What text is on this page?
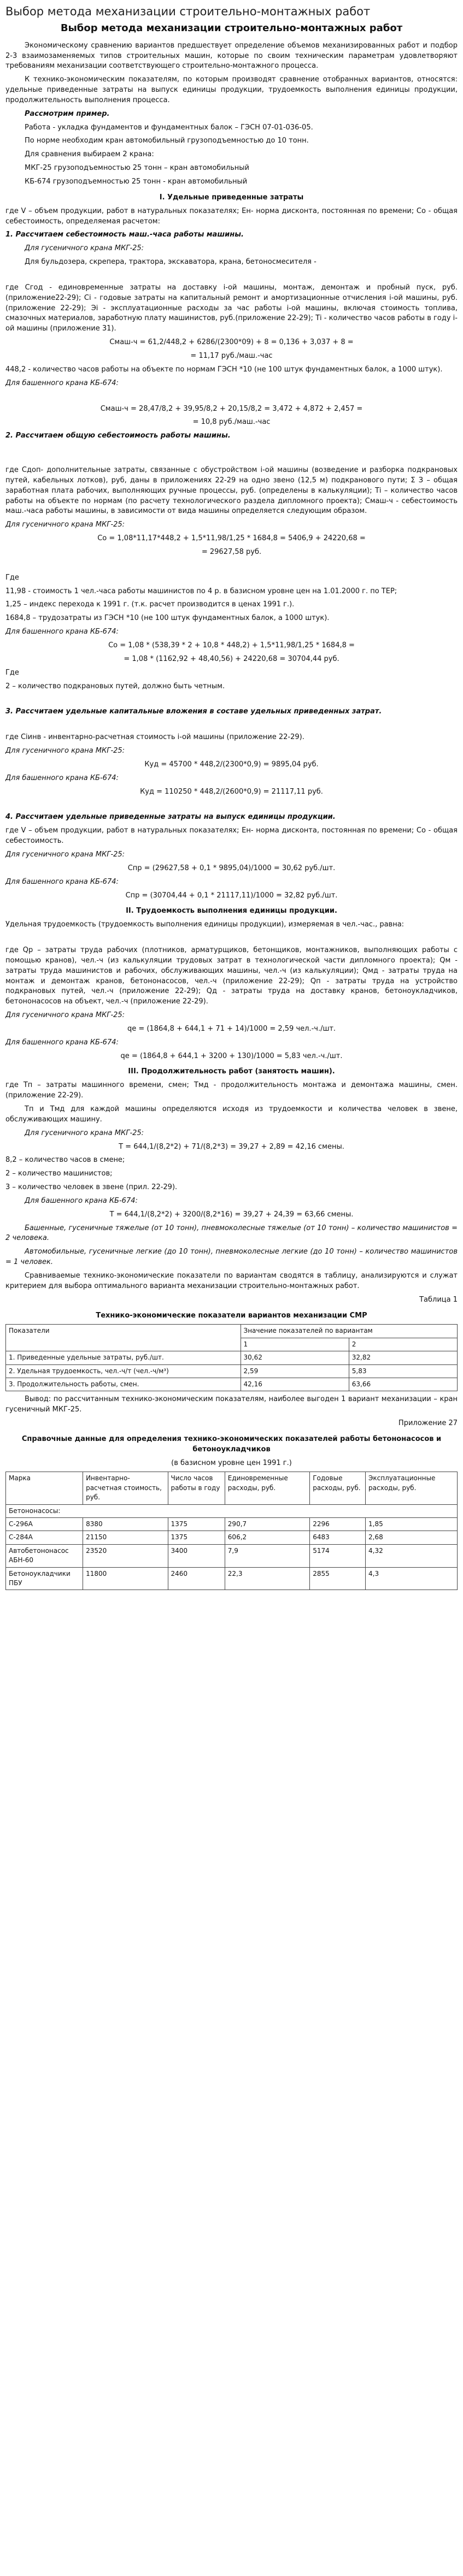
Выбор метода механизации строительно-монтажных работ
Выбор метода механизации строительно-монтажных работ

Экономическому сравнению вариантов предшествует определение объемов механизированных работ и подбор 2-3 взаимозаменяемых типов строительных машин, которые по своим техническим параметрам удовлетворяют требованиям механизации соответствующего строительно-монтажного процесса.

К технико-экономическим показателям, по которым производят сравнение отобранных вариантов, относятся: удельные приведенные затраты на выпуск единицы продукции, трудоемкость выполнения единицы продукции, продолжительность выполнения процесса.

Рассмотрим пример.

Работа - укладка фундаментов и фундаментных балок – ГЭСН 07-01-036-05.

По норме необходим кран автомобильный грузоподъемностью до 10 тонн.

Для сравнения выбираем 2 крана:

МКГ-25 грузоподъемностью 25 тонн – кран автомобильный

КБ-674 грузоподъемностью 25 тонн - кран автомобильный

I. Удельные приведенные затраты

где V – объем продукции, работ в натуральных показателях; Ен- норма дисконта, постоянная по времени; Со - общая себестоимость, определяемая расчетом:

1. Рассчитаем себестоимость маш.-часа работы машины.

Для гусеничного крана МКГ-25:

Для бульдозера, скрепера, трактора, экскаватора, крана, бетоносмесителя -

где Сгод - единовременные затраты на доставку i-ой машины, монтаж, демонтаж и пробный пуск, руб. (приложение22-29); Сi - годовые затраты на капитальный ремонт и амортизационные отчисления i-ой машины, руб. (приложение 22-29); Эi - эксплуатационные расходы за час работы i-ой машины, включая стоимость топлива, смазочных материалов, заработную плату машинистов, руб.(приложение 22-29); Тi - количество часов работы в году i-ой машины (приложение 31).

Смаш-ч = 61,2/448,2 + 6286/(2300*09) + 8 = 0,136 + 3,037 + 8 =

= 11,17 руб./маш.-час

448,2 - количество часов работы на объекте по нормам ГЭСН *10 (не 100 штук фундаментных балок, а 1000 штук).

Для башенного крана КБ-674:

Смаш-ч = 28,47/8,2 + 39,95/8,2 + 20,15/8,2 = 3,472 + 4,872 + 2,457 =

= 10,8 руб./маш.-час

2. Рассчитаем общую себестоимость работы машины.

где Сдоп- дополнительные затраты, связанные с обустройством i-ой машины (возведение и разборка подкрановых путей, кабельных лотков), руб, даны в приложениях 22-29 на одно звено (12,5 м) подкранового пути; Σ З – общая заработная плата рабочих, выполняющих ручные процессы, руб. (определены в калькуляции); Тi – количество часов работы на объекте по нормам (по расчету технологического раздела дипломного проекта); Смаш-ч - себестоимость маш.-часа работы машины, в зависимости от вида машины определяется следующим образом.

Для гусеничного крана МКГ-25:

Со = 1,08*11,17*448,2 + 1,5*11,98/1,25 * 1684,8 = 5406,9 + 24220,68 =

= 29627,58 руб.

Где

11,98 - стоимость 1 чел.-часа работы машинистов по 4 р. в базисном уровне цен на 1.01.2000 г. по ТЕР;

1,25 – индекс перехода к 1991 г. (т.к. расчет производится в ценах 1991 г.).

1684,8 – трудозатраты из ГЭСН *10 (не 100 штук фундаментных балок, а 1000 штук).

Для башенного крана КБ-674:

Со = 1,08 * (538,39 * 2 + 10,8 * 448,2) + 1,5*11,98/1,25 * 1684,8 =

= 1,08 * (1162,92 + 48,40,56) + 24220,68 = 30704,44 руб.

Где

2 – количество подкрановых путей, должно быть четным.

3. Рассчитаем удельные капитальные вложения в составе удельных приведенных затрат.

где Сiинв - инвентарно-расчетная стоимость i-ой машины (приложение 22-29).

Для гусеничного крана МКГ-25:

Куд = 45700 * 448,2/(2300*0,9) = 9895,04 руб.

Для башенного крана КБ-674:

Куд = 110250 * 448,2/(2600*0,9) = 21117,11 руб.

4. Рассчитаем удельные приведенные затраты на выпуск единицы продукции.

где V – объем продукции, работ в натуральных показателях; Ен- норма дисконта, постоянная по времени; Со - общая себестоимость.

Для гусеничного крана МКГ-25:

Спр = (29627,58 + 0,1 * 9895,04)/1000 = 30,62 руб./шт.

Для башенного крана КБ-674:

Спр = (30704,44 + 0,1 * 21117,11)/1000 = 32,82 руб./шт.

II. Трудоемкость выполнения единицы продукции.

Удельная трудоемкость (трудоемкость выполнения единицы продукции), измеряемая в чел.-час., равна:

где Qр – затраты труда рабочих (плотников, арматурщиков, бетонщиков, монтажников, выполняющих работы с помощью кранов), чел.-ч (из калькуляции трудовых затрат в технологической части дипломного проекта); Qм - затраты труда машинистов и рабочих, обслуживающих машины, чел.-ч (из калькуляции); Qмд - затраты труда на монтаж и демонтаж кранов, бетононасосов, чел.-ч (приложение 22-29); Qп - затраты труда на устройство подкрановых путей, чел.-ч (приложение 22-29); Qд - затраты труда на доставку кранов, бетоноукладчиков, бетононасосов на объект, чел.-ч (приложение 22-29).

Для гусеничного крана МКГ-25:

qе = (1864,8 + 644,1 + 71 + 14)/1000 = 2,59 чел.-ч./шт.

Для башенного крана КБ-674:

qе = (1864,8 + 644,1 + 3200 + 130)/1000 = 5,83 чел.-ч./шт.

III. Продолжительность работ (занятость машин).

где Тп – затраты машинного времени, смен; Тмд - продолжительность монтажа и демонтажа машины, смен. (приложение 22-29).

Тп и Тмд для каждой машины определяются исходя из трудоемкости и количества человек в звене, обслуживающих машину.

Для гусеничного крана МКГ-25:

Т = 644,1/(8,2*2) + 71/(8,2*3) = 39,27 + 2,89 = 42,16 смены.

8,2 – количество часов в смене;

2 – количество машинистов;

3 – количество человек в звене (прил. 22-29).

Для башенного крана КБ-674:

Т = 644,1/(8,2*2) + 3200/(8,2*16) = 39,27 + 24,39 = 63,66 смены.

Башенные, гусеничные тяжелые (от 10 тонн), пневмоколесные тяжелые (от 10 тонн) – количество машинистов = 2 человека.

Автомобильные, гусеничные легкие (до 10 тонн), пневмоколесные легкие (до 10 тонн) – количество машинистов = 1 человек.

Сравниваемые технико-экономические показатели по вариантам сводятся в таблицу, анализируются и служат критерием для выбора оптимального варианта механизации строительно-монтажных работ.

Таблица 1

Технико-экономические показатели вариантов механизации СМР

Показатели	Значение показателей по вариантам	
	1	2
1. Приведенные удельные затраты, руб./шт.	30,62	32,82
2. Удельная трудоемкость, чел.-ч/т (чел.-ч/м³)	2,59	5,83
3. Продолжительность работы, смен.	42,16	63,66

Вывод: по рассчитанным технико-экономическим показателям, наиболее выгоден 1 вариант механизации – кран гусеничный МКГ-25.

Приложение 27

Справочные данные для определения технико-экономических показателей работы бетононасосов и бетоноукладчиков

(в базисном уровне цен 1991 г.)

Марка	Инвентарно-расчетная стоимость, руб.	Число часов работы в году	Единовременные расходы, руб.	Годовые расходы, руб.	Эксплуатационные расходы, руб.
Бетононасосы:					
С-296А	8380	1375	290,7	2296	1,85
С-284А	21150	1375	606,2	6483	2,68
Автобетононасос АБН-60	23520	3400	7,9	5174	4,32
Бетоноукладчики ПБУ	11800	2460	22,3	2855	4,3
